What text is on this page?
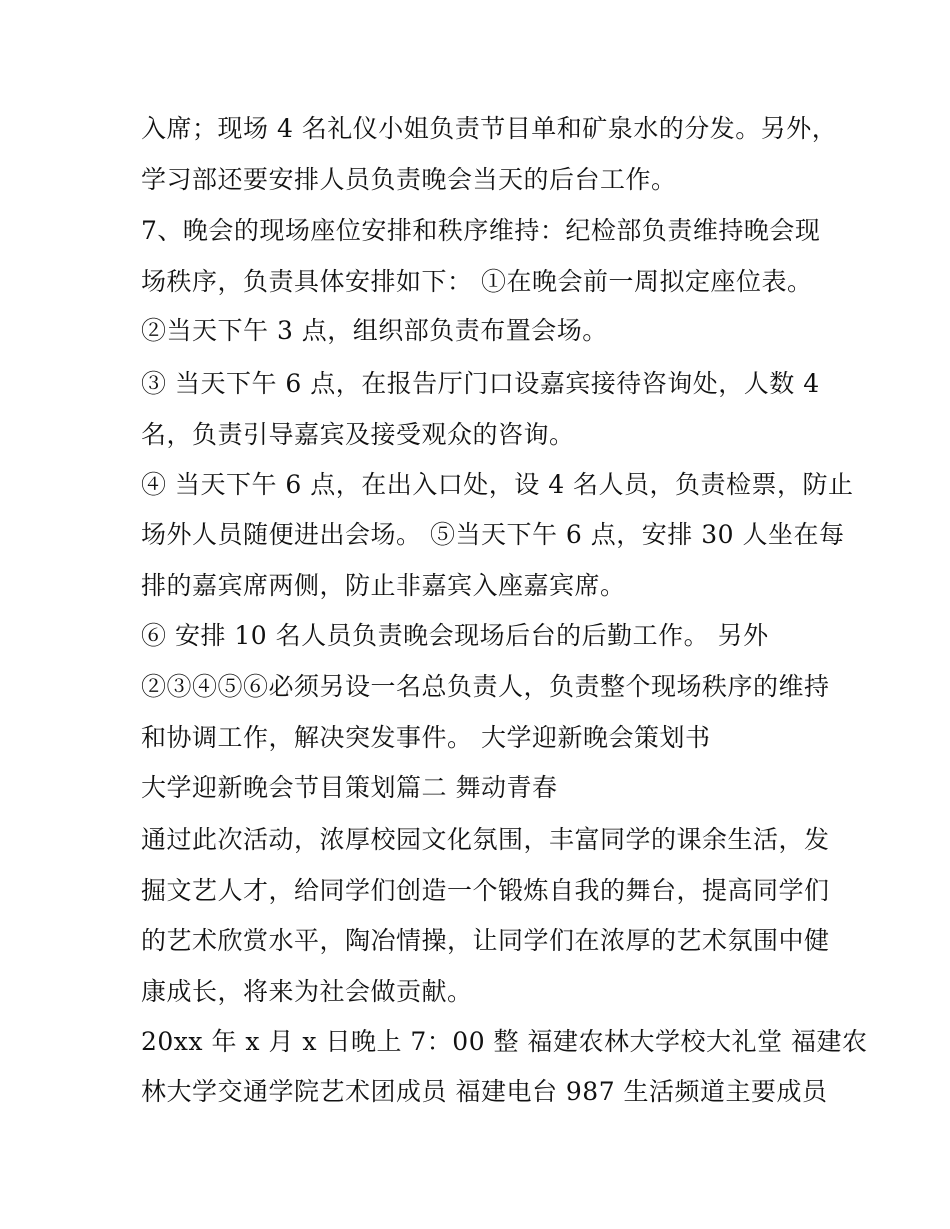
入席；现场 4 名礼仪小姐负责节目单和矿泉水的分发。另外，
学习部还要安排人员负责晚会当天的后台工作。
7、晚会的现场座位安排和秩序维持：纪检部负责维持晚会现
场秩序，负责具体安排如下： ①在晚会前一周拟定座位表。
②当天下午 3 点，组织部负责布置会场。
③ 当天下午 6 点，在报告厅门口设嘉宾接待咨询处，人数 4
名，负责引导嘉宾及接受观众的咨询。
④ 当天下午 6 点，在出入口处，设 4 名人员，负责检票，防止
场外人员随便进出会场。 ⑤当天下午 6 点，安排 30 人坐在每
排的嘉宾席两侧，防止非嘉宾入座嘉宾席。
⑥ 安排 10 名人员负责晚会现场后台的后勤工作。 另外
②③④⑤⑥必须另设一名总负责人，负责整个现场秩序的维持
和协调工作，解决突发事件。 大学迎新晚会策划书
大学迎新晚会节目策划篇二 舞动青春
通过此次活动，浓厚校园文化氛围，丰富同学的课余生活，发
掘文艺人才，给同学们创造一个锻炼自我的舞台，提高同学们
的艺术欣赏水平，陶冶情操，让同学们在浓厚的艺术氛围中健
康成长，将来为社会做贡献。
20xx 年 x 月 x 日晚上 7：00 整 福建农林大学校大礼堂 福建农
林大学交通学院艺术团成员 福建电台 987 生活频道主要成员
